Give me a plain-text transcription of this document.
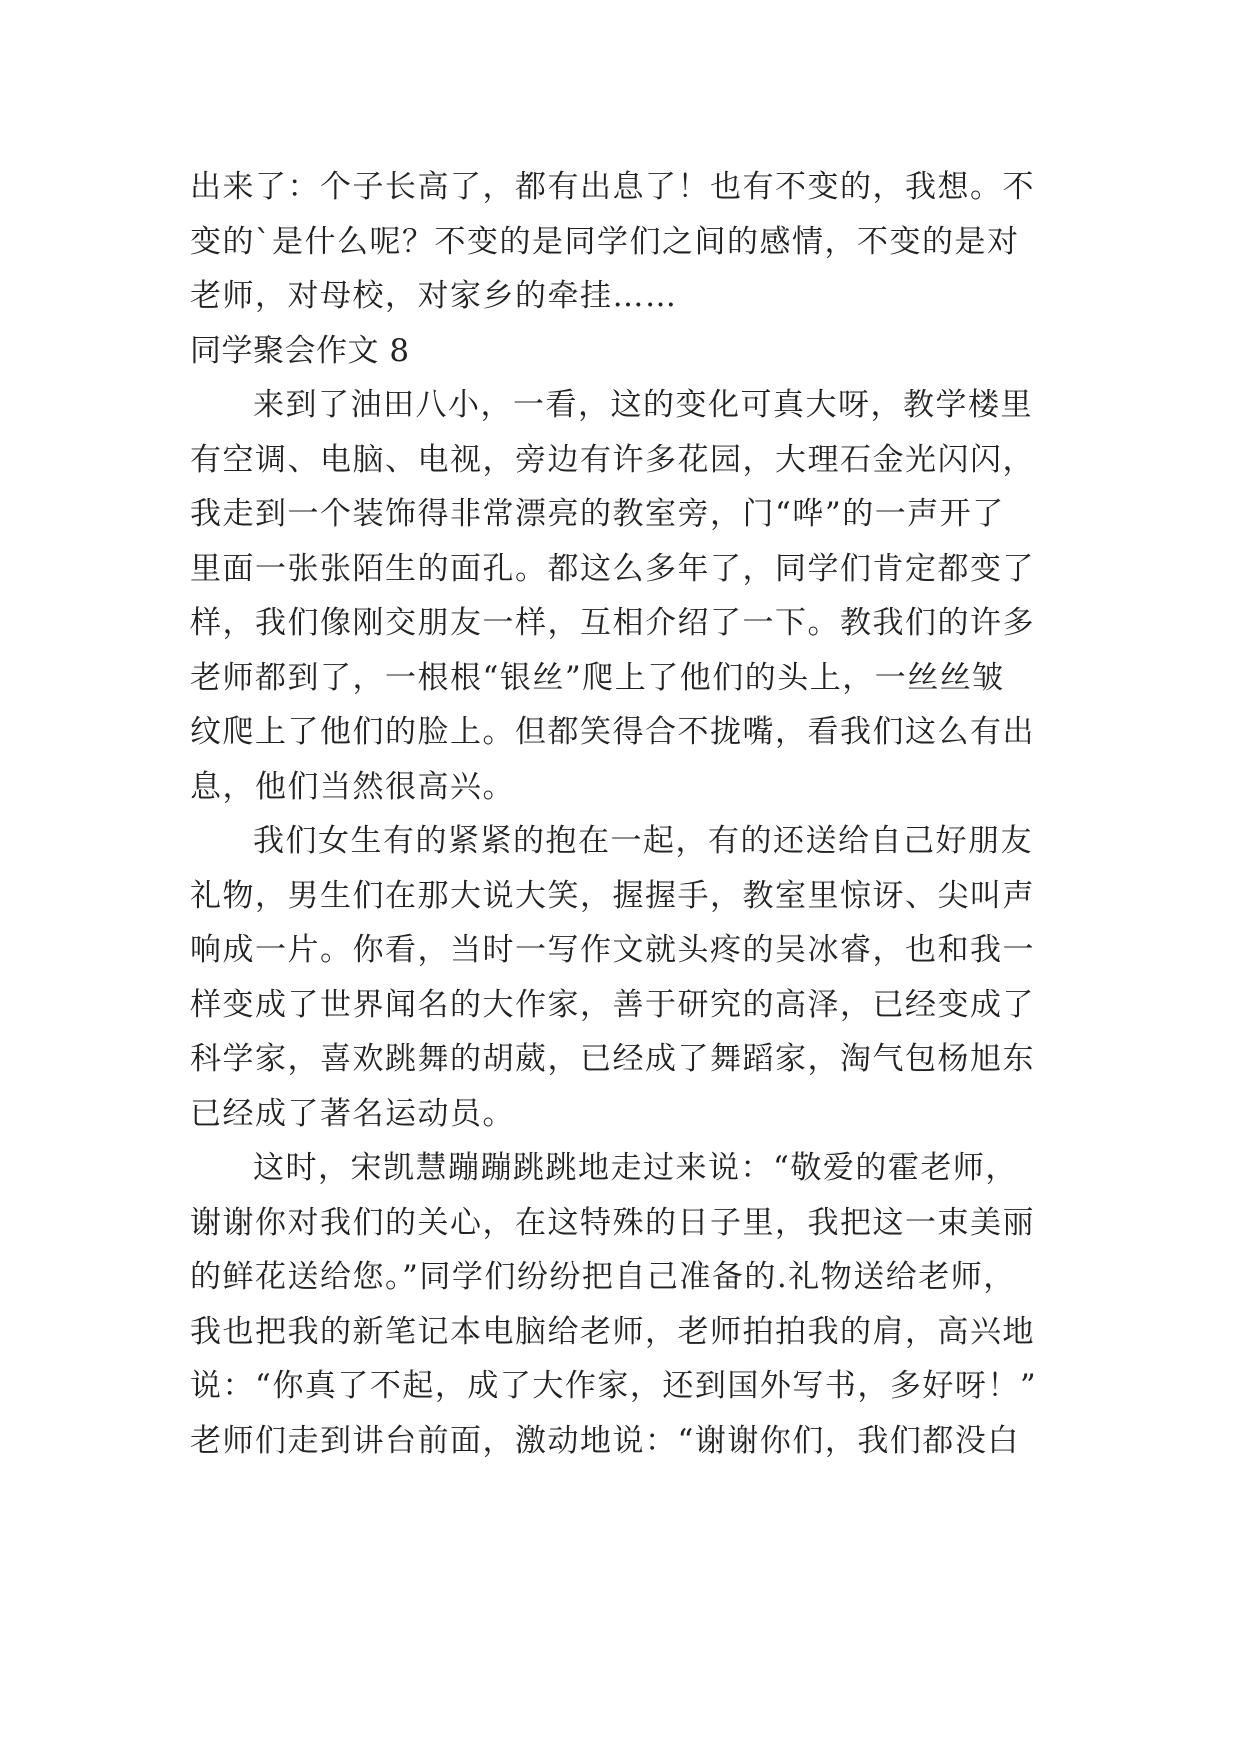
出来了：个子长高了，都有出息了！也有不变的，我想。不
变的`是什么呢？不变的是同学们之间的感情，不变的是对
老师，对母校，对家乡的牵挂……
同学聚会作文 8
来到了油田八小，一看，这的变化可真大呀，教学楼里
有空调、电脑、电视，旁边有许多花园，大理石金光闪闪，
我走到一个装饰得非常漂亮的教室旁，门“哗”的一声开了
里面一张张陌生的面孔。都这么多年了，同学们肯定都变了
样，我们像刚交朋友一样，互相介绍了一下。教我们的许多
老师都到了，一根根“银丝”爬上了他们的头上，一丝丝皱
纹爬上了他们的脸上。但都笑得合不拢嘴，看我们这么有出
息，他们当然很高兴。
我们女生有的紧紧的抱在一起，有的还送给自己好朋友
礼物，男生们在那大说大笑，握握手，教室里惊讶、尖叫声
响成一片。你看，当时一写作文就头疼的吴冰睿，也和我一
样变成了世界闻名的大作家，善于研究的高泽，已经变成了
科学家，喜欢跳舞的胡葳，已经成了舞蹈家，淘气包杨旭东
已经成了著名运动员。
这时，宋凯慧蹦蹦跳跳地走过来说：“敬爱的霍老师，
谢谢你对我们的关心，在这特殊的日子里，我把这一束美丽
的鲜花送给您。”同学们纷纷把自己准备的.礼物送给老师，
我也把我的新笔记本电脑给老师，老师拍拍我的肩，高兴地
说：“你真了不起，成了大作家，还到国外写书，多好呀！”
老师们走到讲台前面，激动地说：“谢谢你们，我们都没白
